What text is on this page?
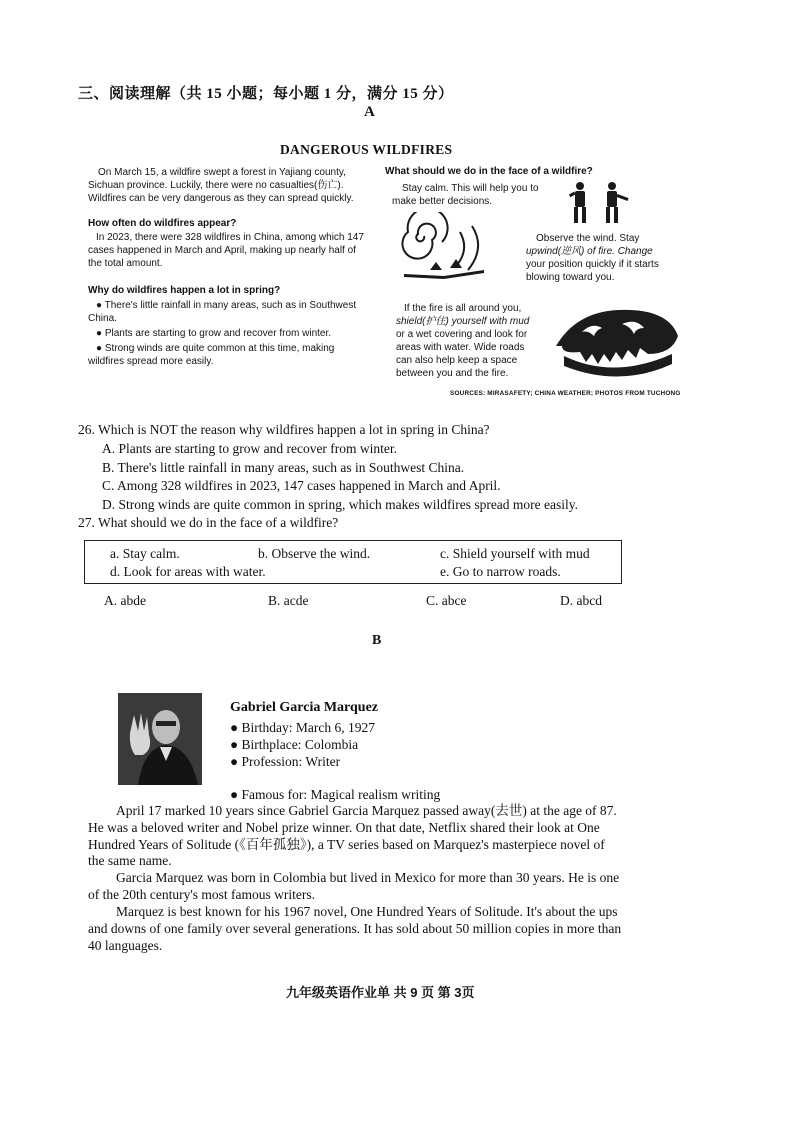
三、阅读理解（共 15 小题；每小题 1 分，满分 15 分）
A
DANGEROUS WILDFIRES
On March 15, a wildfire swept a forest in Yajiang county,
Sichuan province. Luckily, there were no casualties(伤亡).
Wildfires can be very dangerous as they can spread quickly.
How often do wildfires appear?
In 2023, there were 328 wildfires in China, among which 147
cases happened in March and April, making up nearly half of
the total amount.
Why do wildfires happen a lot in spring?
● There's little rainfall in many areas, such as in Southwest
China.
● Plants are starting to grow and recover from winter.
● Strong winds are quite common at this time, making
wildfires spread more easily.
What should we do in the face of a wildfire?
Stay calm. This will help you to
make better decisions.
Observe the wind. Stay
upwind(逆风) of fire. Change
your position quickly if it starts
blowing toward you.
If the fire is all around you,
shield(护住) yourself with mud
or a wet covering and look for
areas with water. Wide roads
can also help keep a space
between you and the fire.
SOURCES: MIRASAFETY; CHINA WEATHER; PHOTOS FROM TUCHONG
26. Which is NOT the reason why wildfires happen a lot in spring in China?
A. Plants are starting to grow and recover from winter.
B. There's little rainfall in many areas, such as in Southwest China.
C. Among 328 wildfires in 2023, 147 cases happened in March and April.
D. Strong winds are quite common in spring, which makes wildfires spread more easily.
27. What should we do in the face of a wildfire?
a. Stay calm.	b. Observe the wind.	c. Shield yourself with mud
d. Look for areas with water.	e. Go to narrow roads.
A. abde	B. acde	C. abce	D. abcd
B
Gabriel Garcia Marquez
● Birthday: March 6, 1927
● Birthplace: Colombia
● Profession: Writer
● Famous for: Magical realism writing
April 17 marked 10 years since Gabriel Garcia Marquez passed away(去世) at the age of 87.
He was a beloved writer and Nobel prize winner. On that date, Netflix shared their look at One
Hundred Years of Solitude (《百年孤独》), a TV series based on Marquez's masterpiece novel of
the same name.
Garcia Marquez was born in Colombia but lived in Mexico for more than 30 years. He is one
of the 20th century's most famous writers.
Marquez is best known for his 1967 novel, One Hundred Years of Solitude. It's about the ups
and downs of one family over several generations. It has sold about 50 million copies in more than
40 languages.
九年级英语作业单 共 9 页 第 3页
